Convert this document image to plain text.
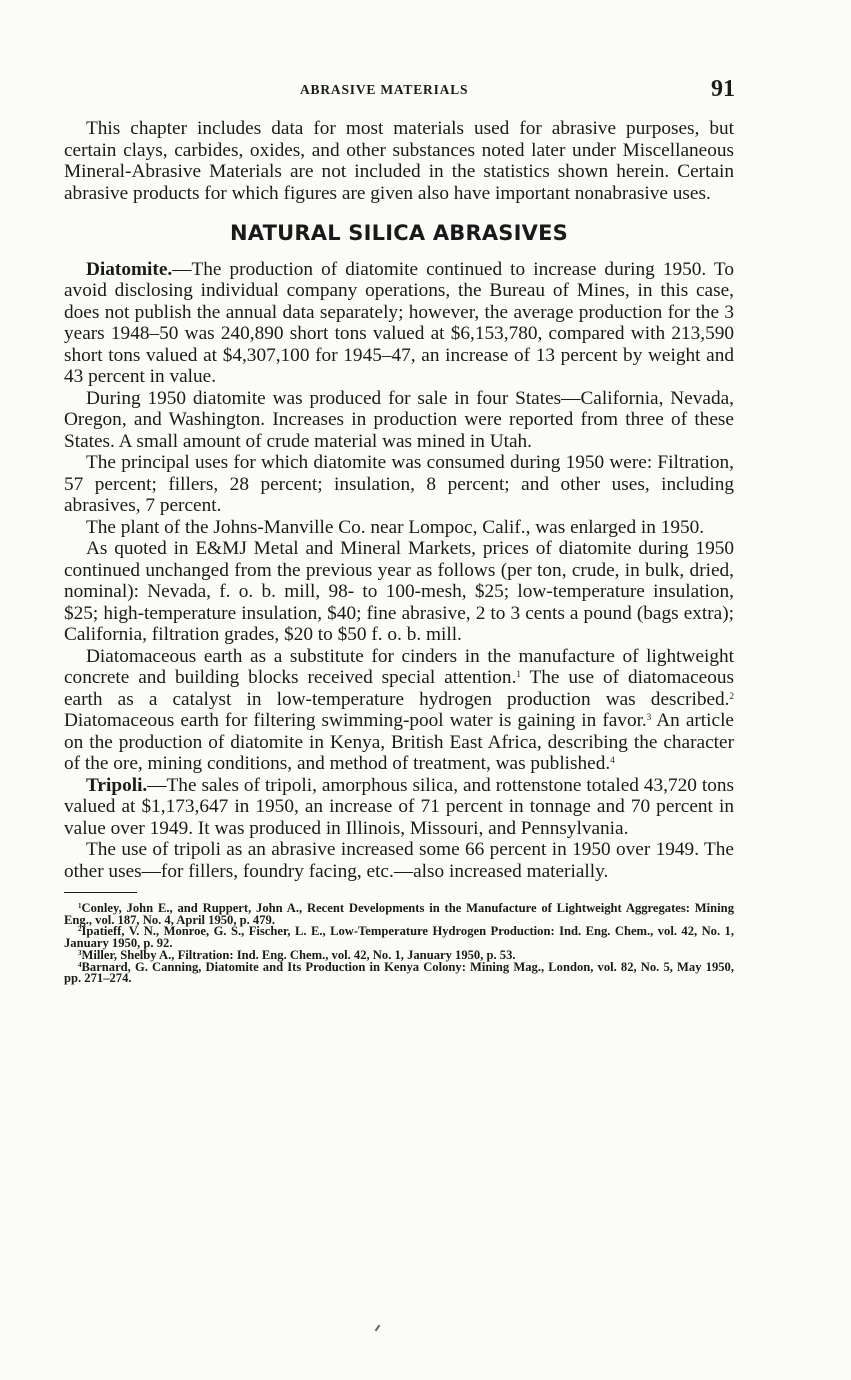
ABRASIVE MATERIALS	91

This chapter includes data for most materials used for abrasive purposes, but certain clays, carbides, oxides, and other substances noted later under Miscellaneous Mineral-Abrasive Materials are not included in the statistics shown herein. Certain abrasive products for which figures are given also have important nonabrasive uses.

NATURAL SILICA ABRASIVES

Diatomite.—The production of diatomite continued to increase during 1950. To avoid disclosing individual company operations, the Bureau of Mines, in this case, does not publish the annual data separately; however, the average production for the 3 years 1948–50 was 240,890 short tons valued at $6,153,780, compared with 213,590 short tons valued at $4,307,100 for 1945–47, an increase of 13 percent by weight and 43 percent in value.

During 1950 diatomite was produced for sale in four States—California, Nevada, Oregon, and Washington. Increases in production were reported from three of these States. A small amount of crude material was mined in Utah.

The principal uses for which diatomite was consumed during 1950 were: Filtration, 57 percent; fillers, 28 percent; insulation, 8 percent; and other uses, including abrasives, 7 percent.

The plant of the Johns-Manville Co. near Lompoc, Calif., was enlarged in 1950.

As quoted in E&MJ Metal and Mineral Markets, prices of diatomite during 1950 continued unchanged from the previous year as follows (per ton, crude, in bulk, dried, nominal): Nevada, f. o. b. mill, 98- to 100-mesh, $25; low-temperature insulation, $25; high-temperature insulation, $40; fine abrasive, 2 to 3 cents a pound (bags extra); California, filtration grades, $20 to $50 f. o. b. mill.

Diatomaceous earth as a substitute for cinders in the manufacture of lightweight concrete and building blocks received special attention.$^1$ The use of diatomaceous earth as a catalyst in low-temperature hydrogen production was described.$^2$ Diatomaceous earth for filtering swimming-pool water is gaining in favor.$^3$ An article on the production of diatomite in Kenya, British East Africa, describing the character of the ore, mining conditions, and method of treatment, was published.$^4$

Tripoli.—The sales of tripoli, amorphous silica, and rottenstone totaled 43,720 tons valued at $1,173,647 in 1950, an increase of 71 percent in tonnage and 70 percent in value over 1949. It was produced in Illinois, Missouri, and Pennsylvania.

The use of tripoli as an abrasive increased some 66 percent in 1950 over 1949. The other uses—for fillers, foundry facing, etc.—also increased materially.

$^1$Conley, John E., and Ruppert, John A., Recent Developments in the Manufacture of Lightweight Aggregates: Mining Eng., vol. 187, No. 4, April 1950, p. 479.

$^2$Ipatieff, V. N., Monroe, G. S., Fischer, L. E., Low-Temperature Hydrogen Production: Ind. Eng. Chem., vol. 42, No. 1, January 1950, p. 92.

$^3$Miller, Shelby A., Filtration: Ind. Eng. Chem., vol. 42, No. 1, January 1950, p. 53.

$^4$Barnard, G. Canning, Diatomite and Its Production in Kenya Colony: Mining Mag., London, vol. 82, No. 5, May 1950, pp. 271–274.
